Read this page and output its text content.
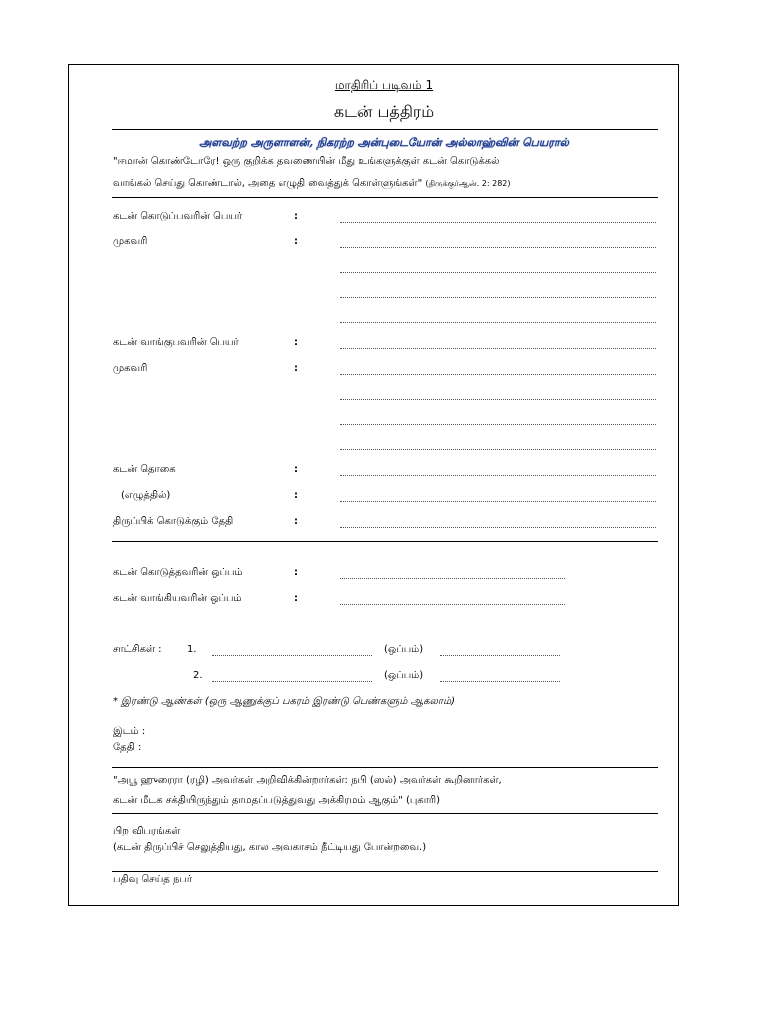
மாதிரிப் படிவம் 1
கடன் பத்திரம்
அளவற்ற அருளாளன், நிகரற்ற அன்புடையோன் அல்லாஹ்வின் பெயரால்
"ஈமான் கொண்டோரே! ஒரு குறிக்க தவணையின் மீது உங்களுக்குள் கடன் கொடுக்கல்
வாங்கல் செய்து கொண்டால், அதை எழுதி வைத்துக் கொள்ளுங்கள்" (திருக்குர்ஆன். 2: 282)
கடன் கொடுப்பவரின் பெயர்	:
முகவரி	:
கடன் வாங்குபவரின் பெயர்	:
முகவரி	:
கடன் தொகை	:
(எழுத்தில்)	:
திருப்பிக் கொடுக்கும் தேதி	:
கடன் கொடுத்தவரின் ஒப்பம்	:
கடன் வாங்கியவரின் ஒப்பம்	:
சாட்சிகள் :	1.	(ஒப்பம்)
2.	(ஒப்பம்)
* இரண்டு ஆண்கள் (ஒரு ஆணுக்குப் பகரம் இரண்டு பெண்களும் ஆகலாம்)
இடம் :
தேதி :
"அபூ ஹுரைரா (ரழி) அவர்கள் அறிவிக்கின்றார்கள்: நபி (ஸல்) அவர்கள் கூறினார்கள்,
கடன் மீடக சக்தியிருந்தும் தாமதப்படுத்துவது அக்கிரமம் ஆகும்" (புகாரி)
பிற விபரங்கள்
(கடன் திருப்பிச் செலுத்தியது, கால அவகாசம் நீட்டியது போன்றவை.)
பதிவு செய்த நபர்
